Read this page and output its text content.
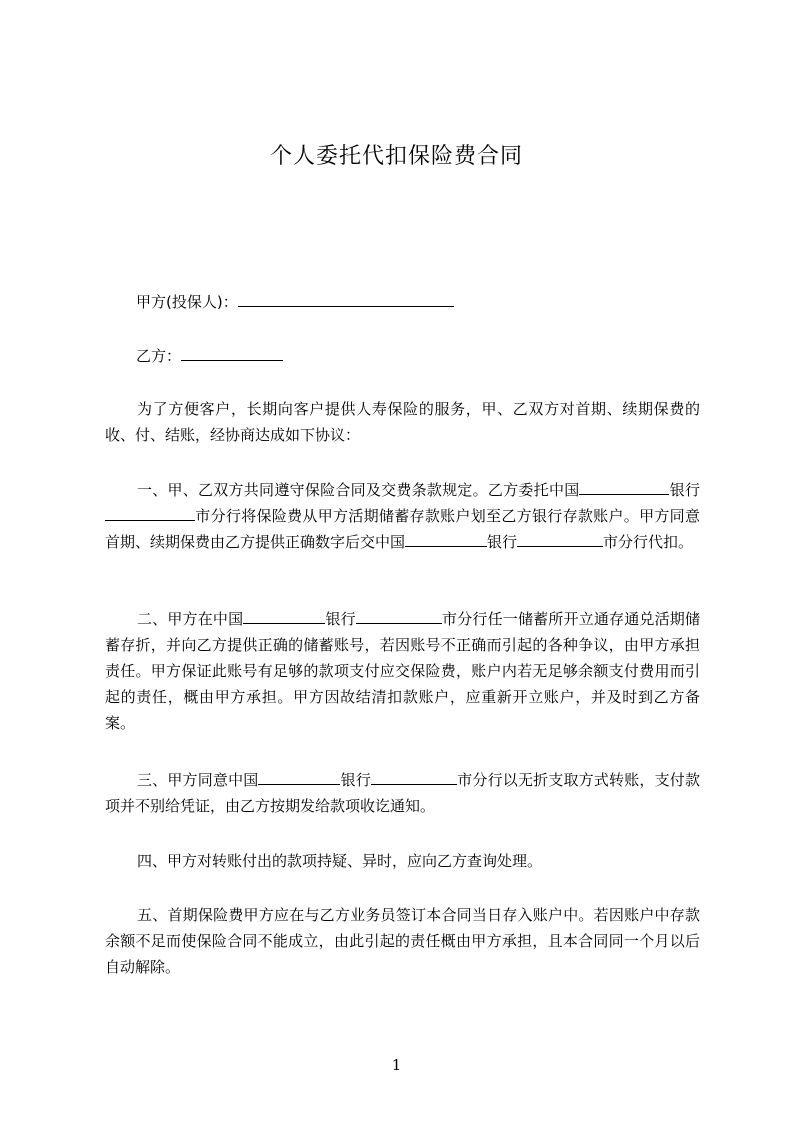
个人委托代扣保险费合同
甲方(投保人)：
乙方：
为了方便客户，长期向客户提供人寿保险的服务，甲、乙双方对首期、续期保费的收、付、结账，经协商达成如下协议：
一、甲、乙双方共同遵守保险合同及交费条款规定。乙方委托中国	银行市分行将保险费从甲方活期储蓄存款账户划至乙方银行存款账户。甲方同意首期、续期保费由乙方提供正确数字后交中国	银行	市分行代扣。
二、甲方在中国	银行	市分行任一储蓄所开立通存通兑活期储蓄存折，并向乙方提供正确的储蓄账号，若因账号不正确而引起的各种争议，由甲方承担责任。甲方保证此账号有足够的款项支付应交保险费，账户内若无足够余额支付费用而引起的责任，概由甲方承担。甲方因故结清扣款账户，应重新开立账户，并及时到乙方备案。
三、甲方同意中国	银行	市分行以无折支取方式转账，支付款项并不别给凭证，由乙方按期发给款项收讫通知。
四、甲方对转账付出的款项持疑、异时，应向乙方查询处理。
五、首期保险费甲方应在与乙方业务员签订本合同当日存入账户中。若因账户中存款余额不足而使保险合同不能成立，由此引起的责任概由甲方承担，且本合同同一个月以后自动解除。
1
